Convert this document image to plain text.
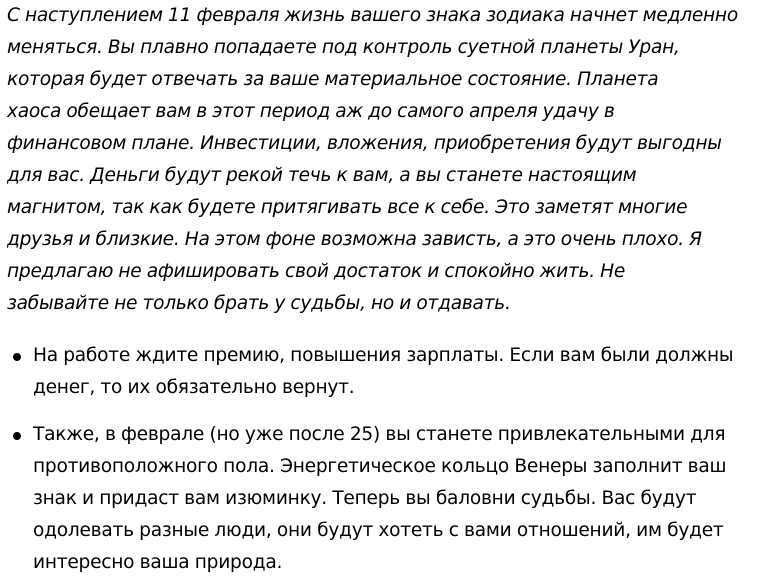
С наступлением 11 февраля жизнь вашего знака зодиака начнет медленно
меняться. Вы плавно попадаете под контроль суетной планеты Уран,
которая будет отвечать за ваше материальное состояние. Планета
хаоса обещает вам в этот период аж до самого апреля удачу в
финансовом плане. Инвестиции, вложения, приобретения будут выгодны
для вас. Деньги будут рекой течь к вам, а вы станете настоящим
магнитом, так как будете притягивать все к себе. Это заметят многие
друзья и близкие. На этом фоне возможна зависть, а это очень плохо. Я
предлагаю не афишировать свой достаток и спокойно жить. Не
забывайте не только брать у судьбы, но и отдавать.

На работе ждите премию, повышения зарплаты. Если вам были должны
денег, то их обязательно вернут.
Также, в феврале (но уже после 25) вы станете привлекательными для
противоположного пола. Энергетическое кольцо Венеры заполнит ваш
знак и придаст вам изюминку. Теперь вы баловни судьбы. Вас будут
одолевать разные люди, они будут хотеть с вами отношений, им будет
интересно ваша природа.
